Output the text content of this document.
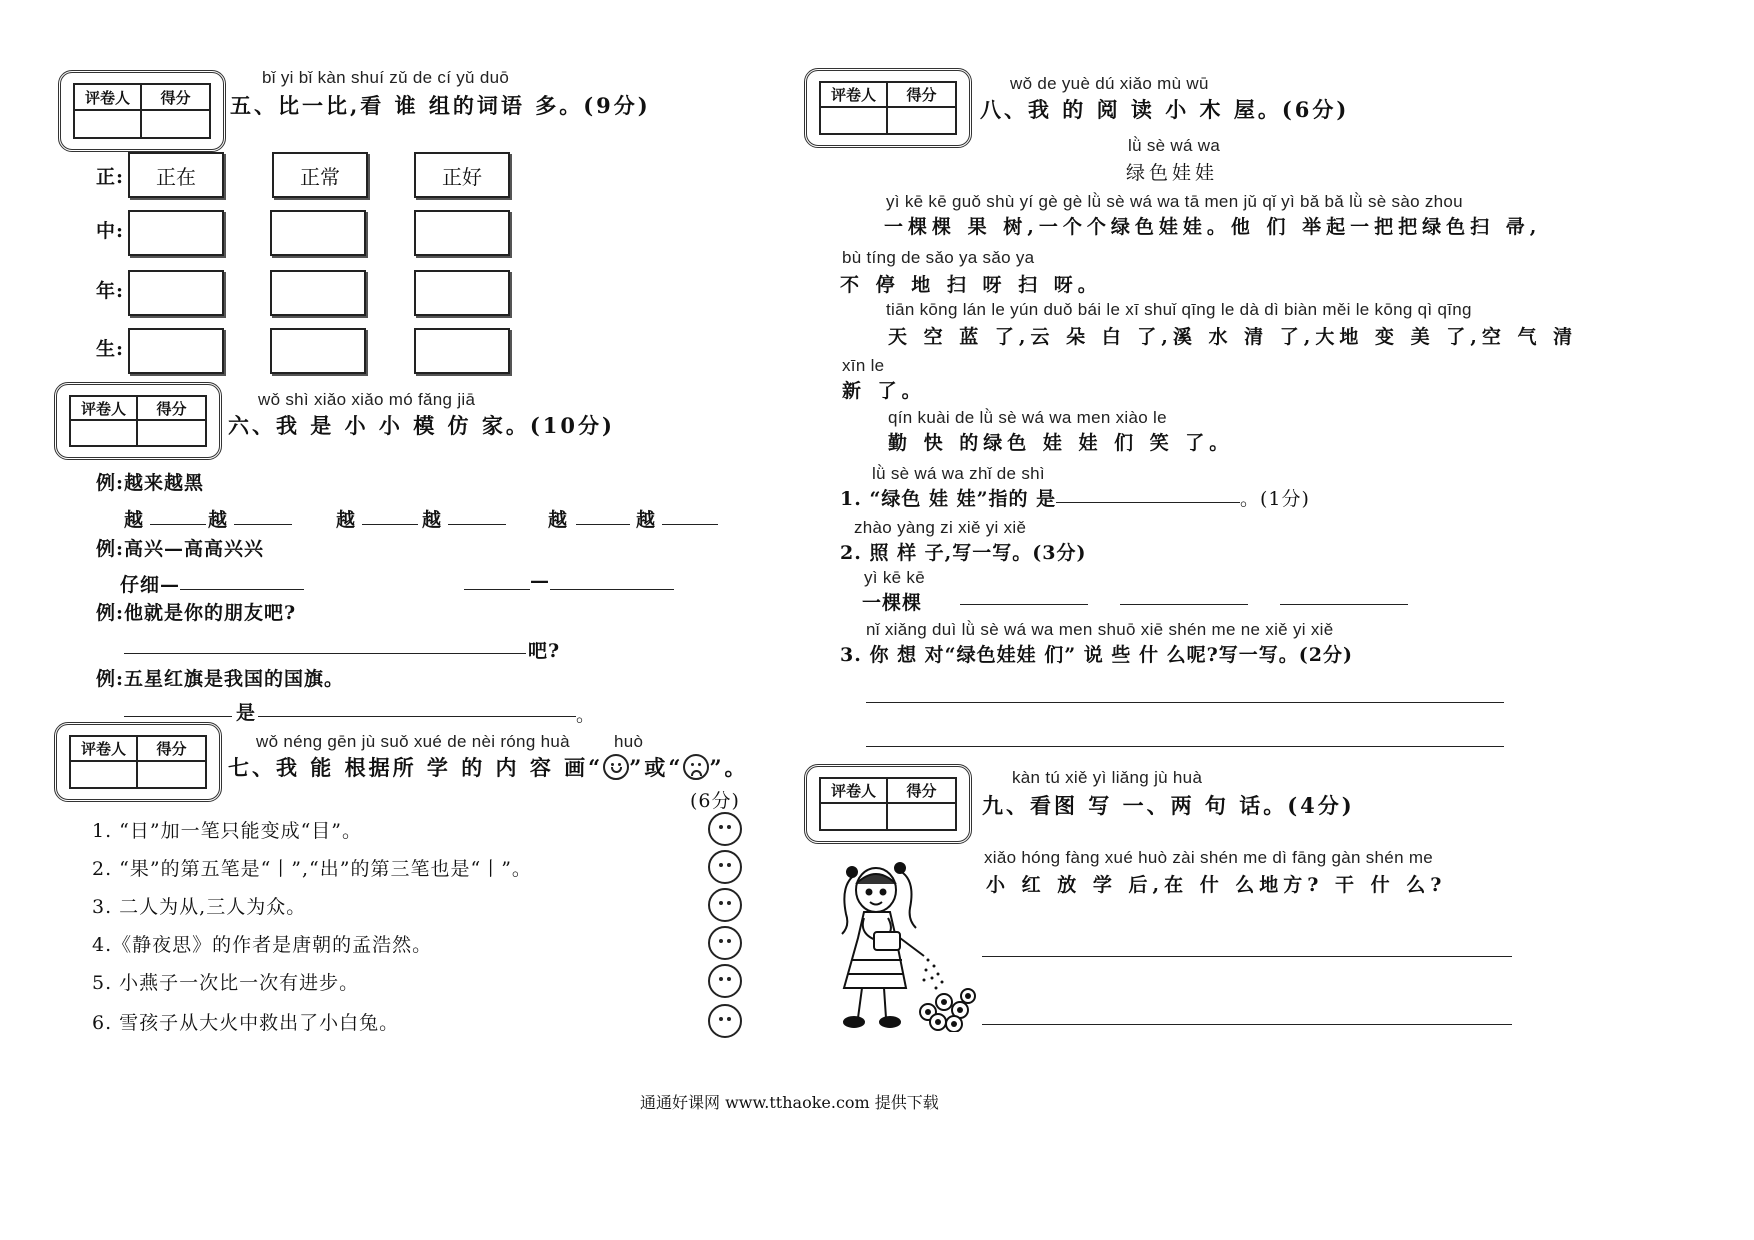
评卷人	得分
bǐ yi bǐ kàn shuí zǔ de cí yǔ duō
五、比一比,看 谁 组的词语 多。(9分)
正:	正在	正常	正好
中:
年:
生:
评卷人	得分	wǒ shì xiǎo xiǎo mó fǎng jiā
六、我 是 小 小 模 仿 家。(10分)
例:越来越黑
越	越	越	越	越	越
例:高兴—高高兴兴
仔细—	—
例:他就是你的朋友吧?
吧?
例:五星红旗是我国的国旗。
是	。
评卷人	得分	wǒ néng gēn jù suǒ xué de nèi róng huà	huò
七、我 能 根据所 学 的 内 容 画“ ”或“ ”。
(6分)
1. “日”加一笔只能变成“目”。
2. “果”的第五笔是“丨”,“出”的第三笔也是“丨”。
3. 二人为从,三人为众。
4.《静夜思》的作者是唐朝的孟浩然。
5. 小燕子一次比一次有进步。
6. 雪孩子从大火中救出了小白兔。
评卷人	得分
wǒ de yuè dú xiǎo mù wū
八、我 的 阅 读 小 木 屋。(6分)
lǜ sè wá wa
绿色娃娃
yì kē kē guǒ shù yí gè gè lǜ sè wá wa tā men jǔ qǐ yì bǎ bǎ lǜ sè sào zhou
一棵棵 果 树,一个个绿色娃娃。他 们 举起一把把绿色扫 帚,
bù tíng de sǎo ya sǎo ya
不 停 地 扫 呀 扫 呀。
tiān kōng lán le yún duǒ bái le xī shuǐ qīng le dà dì biàn měi le kōng qì qīng
天 空 蓝 了,云 朵 白 了,溪 水 清 了,大地 变 美 了,空 气 清
xīn le
新 了。
qín kuài de lǜ sè wá wa men xiào le
勤 快 的绿色 娃 娃 们 笑 了。
lǜ sè wá wa zhǐ de shì
1. “绿色 娃 娃”指的 是	。(1分)
zhào yàng zi xiě yi xiě
2. 照 样 子,写一写。(3分)
yì kē kē
一棵棵
nǐ xiǎng duì lǜ sè wá wa men shuō xiē shén me ne xiě yi xiě
3. 你 想 对“绿色娃娃 们” 说 些 什 么呢?写一写。(2分)
评卷人	得分
kàn tú xiě yì liǎng jù huà
九、看图 写 一、两 句 话。(4分)
xiǎo hóng fàng xué huò zài shén me dì fāng gàn shén me
小 红 放 学 后,在 什 么地方? 干 什 么?
通通好课网 www.tthaoke.com 提供下载
